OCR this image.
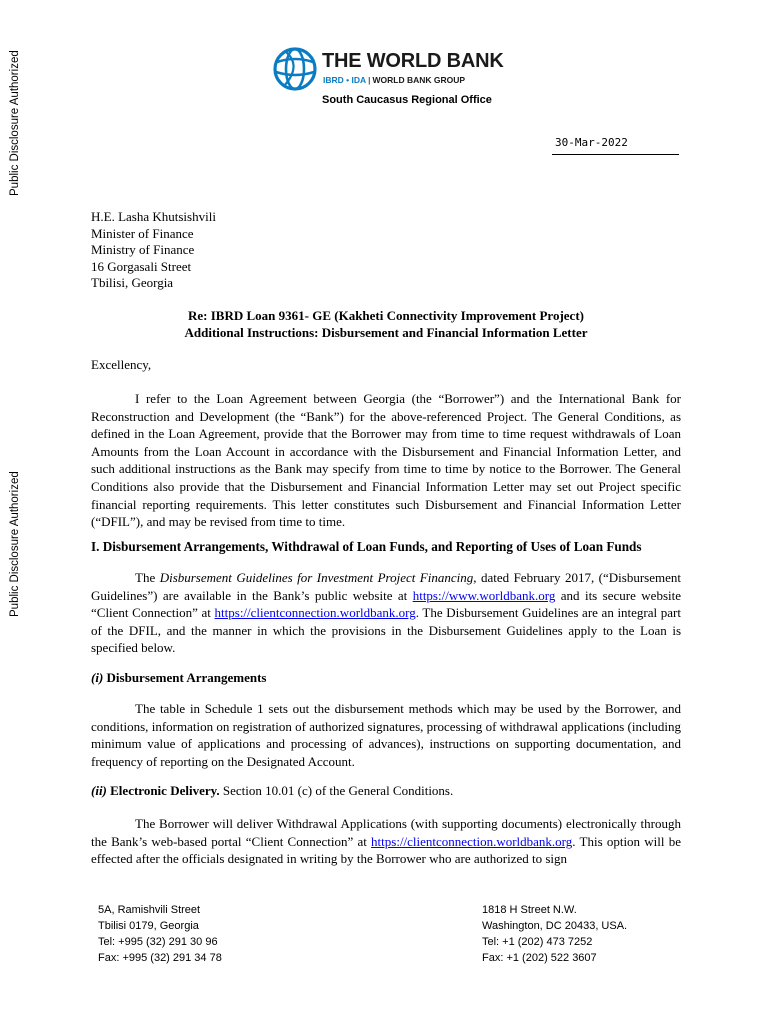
Public Disclosure Authorized
Public Disclosure Authorized
THE WORLD BANK
IBRD • IDA | WORLD BANK GROUP
South Caucasus Regional Office
30-Mar-2022
H.E. Lasha Khutsishvili
Minister of Finance
Ministry of Finance
16 Gorgasali Street
Tbilisi, Georgia
Re: IBRD Loan 9361- GE (Kakheti Connectivity Improvement Project)
Additional Instructions: Disbursement and Financial Information Letter
Excellency,
I refer to the Loan Agreement between Georgia (the “Borrower”) and the International Bank for Reconstruction and Development (the “Bank”) for the above-referenced Project. The General Conditions, as defined in the Loan Agreement, provide that the Borrower may from time to time request withdrawals of Loan Amounts from the Loan Account in accordance with the Disbursement and Financial Information Letter, and such additional instructions as the Bank may specify from time to time by notice to the Borrower. The General Conditions also provide that the Disbursement and Financial Information Letter may set out Project specific financial reporting requirements. This letter constitutes such Disbursement and Financial Information Letter (“DFIL”), and may be revised from time to time.
I. Disbursement Arrangements, Withdrawal of Loan Funds, and Reporting of Uses of Loan Funds
The Disbursement Guidelines for Investment Project Financing, dated February 2017, (“Disbursement Guidelines”) are available in the Bank’s public website at https://www.worldbank.org and its secure website “Client Connection” at https://clientconnection.worldbank.org. The Disbursement Guidelines are an integral part of the DFIL, and the manner in which the provisions in the Disbursement Guidelines apply to the Loan is specified below.
(i) Disbursement Arrangements
The table in Schedule 1 sets out the disbursement methods which may be used by the Borrower, and conditions, information on registration of authorized signatures, processing of withdrawal applications (including minimum value of applications and processing of advances), instructions on supporting documentation, and frequency of reporting on the Designated Account.
(ii) Electronic Delivery. Section 10.01 (c) of the General Conditions.
The Borrower will deliver Withdrawal Applications (with supporting documents) electronically through the Bank’s web-based portal “Client Connection” at https://clientconnection.worldbank.org. This option will be effected after the officials designated in writing by the Borrower who are authorized to sign
5A, Ramishvili Street
Tbilisi 0179, Georgia
Tel: +995 (32) 291 30 96
Fax: +995 (32) 291 34 78
1818 H Street N.W.
Washington, DC 20433, USA.
Tel: +1 (202) 473 7252
Fax: +1 (202) 522 3607
